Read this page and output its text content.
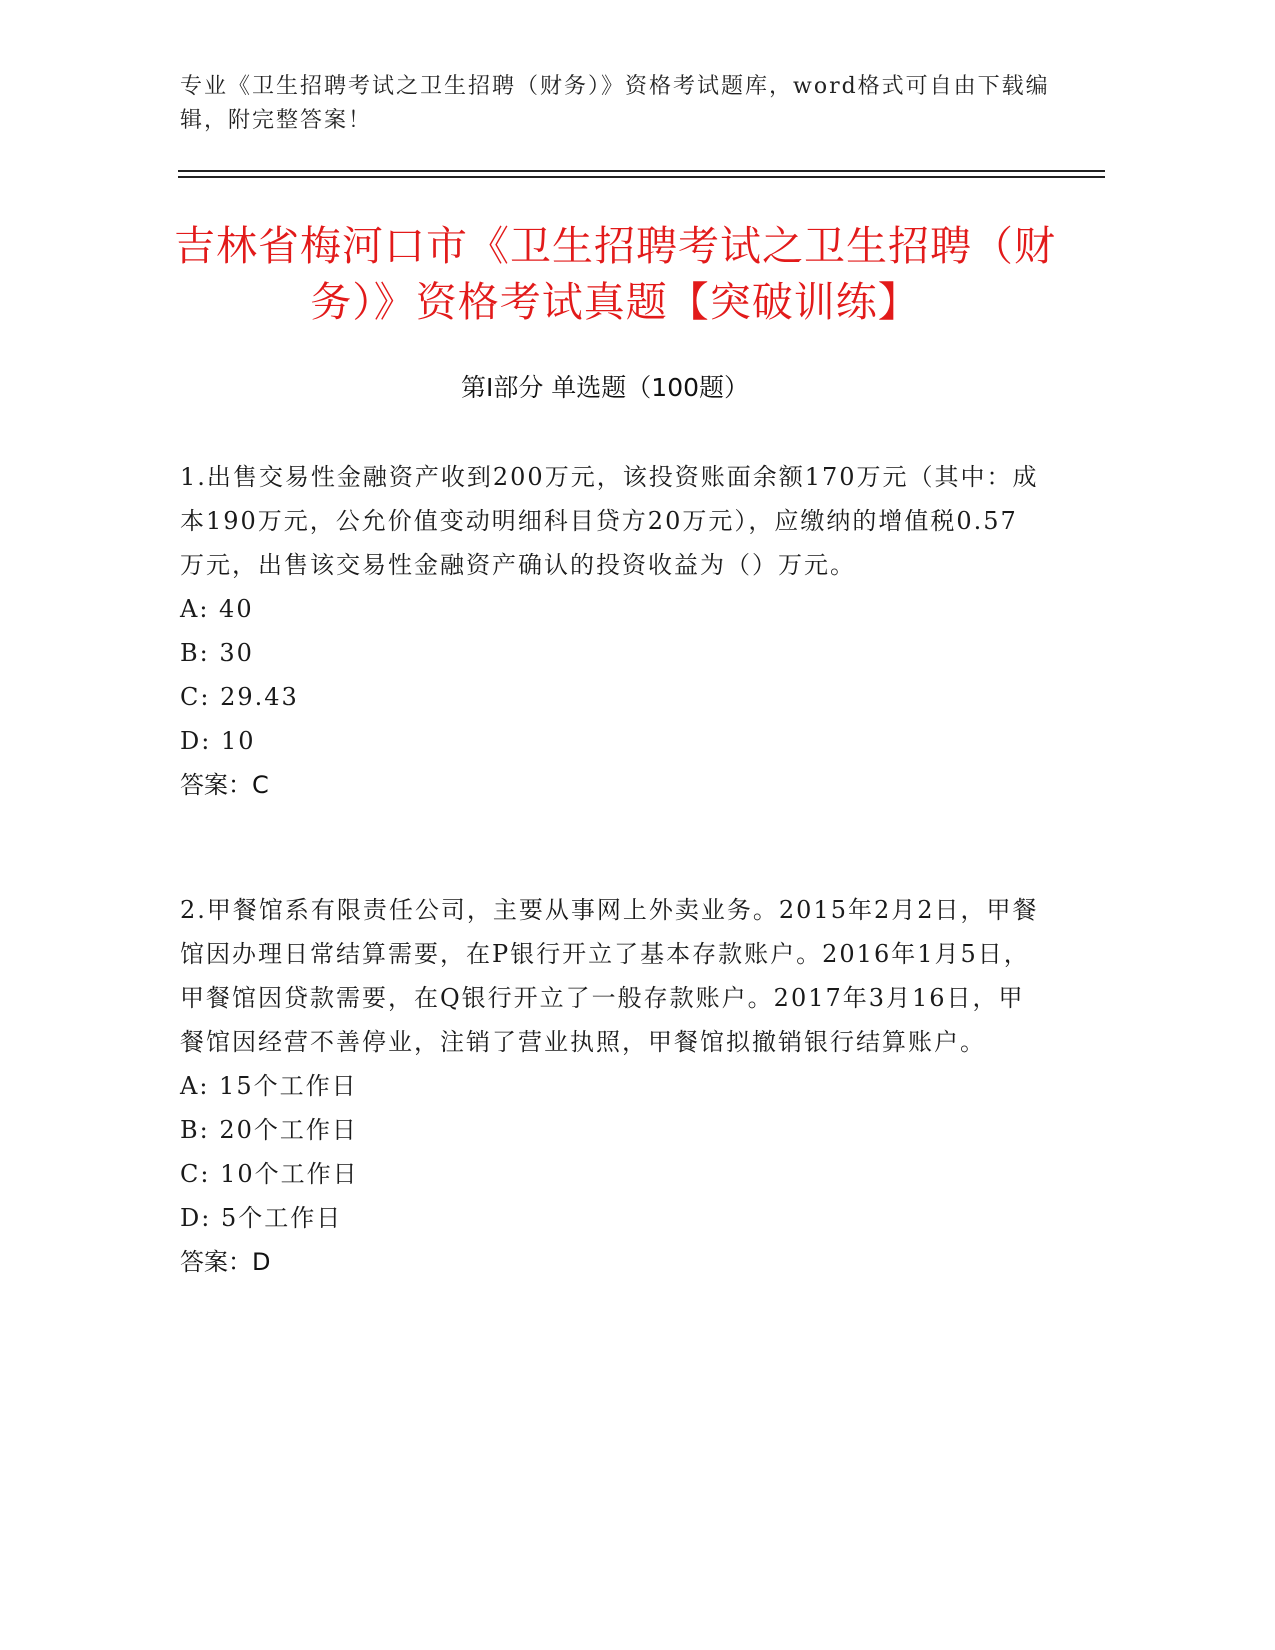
专业《卫生招聘考试之卫生招聘（财务）》资格考试题库，word格式可自由下载编辑，附完整答案！
吉林省梅河口市《卫生招聘考试之卫生招聘（财务）》资格考试真题【突破训练】
第I部分 单选题（100题）

1.出售交易性金融资产收到200万元，该投资账面余额170万元（其中：成本190万元，公允价值变动明细科目贷方20万元），应缴纳的增值税0.57万元，出售该交易性金融资产确认的投资收益为（）万元。

A: 40

B: 30

C: 29.43

D: 10

答案：C

2.甲餐馆系有限责任公司，主要从事网上外卖业务。2015年2月2日，甲餐馆因办理日常结算需要，在P银行开立了基本存款账户。2016年1月5日，甲餐馆因贷款需要，在Q银行开立了一般存款账户。2017年3月16日，甲餐馆因经营不善停业，注销了营业执照，甲餐馆拟撤销银行结算账户。

A: 15个工作日

B: 20个工作日

C: 10个工作日

D: 5个工作日

答案：D
